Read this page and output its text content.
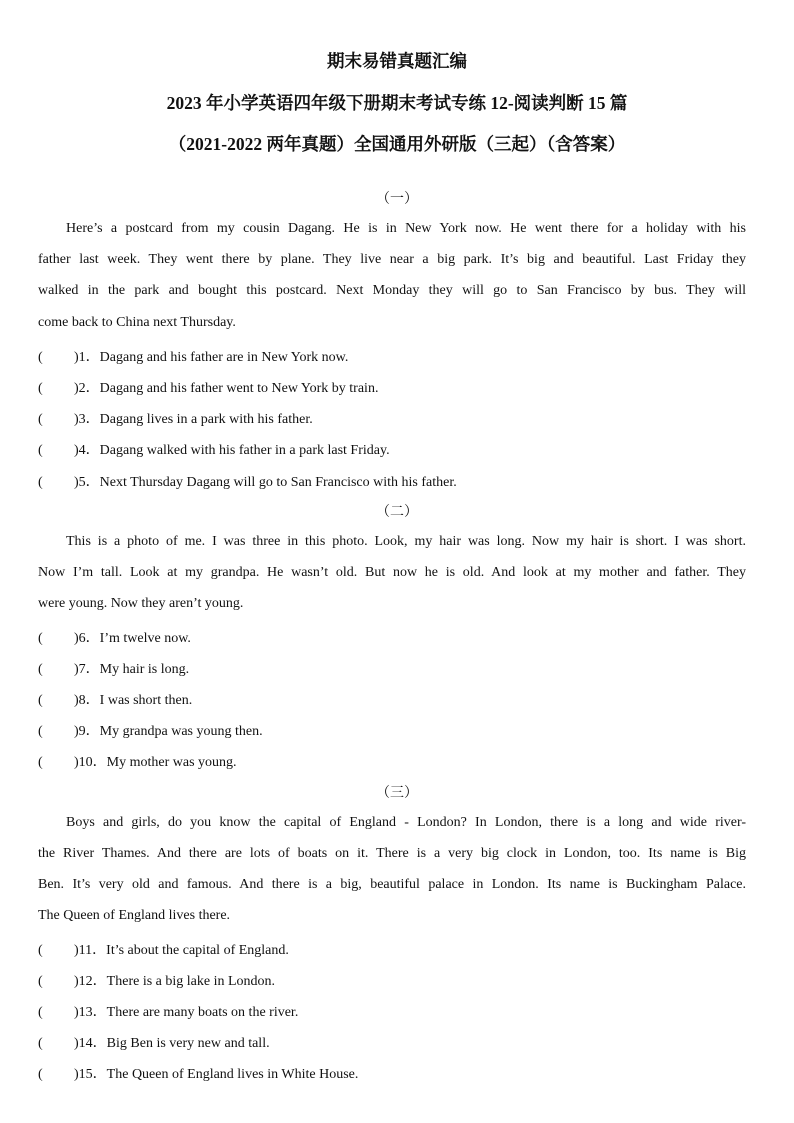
期末易错真题汇编
2023 年小学英语四年级下册期末考试专练 12-阅读判断 15 篇
（2021-2022 两年真题）全国通用外研版（三起）（含答案）
（一）
Here’s a postcard from my cousin Dagang. He is in New York now. He went there for a holiday with his
father last week. They went there by plane. They live near a big park. It’s big and beautiful. Last Friday they
walked in the park and bought this postcard. Next Monday they will go to San Francisco by bus. They will
come back to China next Thursday.
( )1．Dagang and his father are in New York now.
( )2．Dagang and his father went to New York by train.
( )3．Dagang lives in a park with his father.
( )4．Dagang walked with his father in a park last Friday.
( )5．Next Thursday Dagang will go to San Francisco with his father.
（二）
This is a photo of me. I was three in this photo. Look, my hair was long. Now my hair is short. I was short.
Now I’m tall. Look at my grandpa. He wasn’t old. But now he is old. And look at my mother and father. They
were young. Now they aren’t young.
( )6．I’m twelve now.
( )7．My hair is long.
( )8．I was short then.
( )9．My grandpa was young then.
( )10．My mother was young.
（三）
Boys and girls, do you know the capital of England - London? In London, there is a long and wide river-
the River Thames. And there are lots of boats on it. There is a very big clock in London, too. Its name is Big
Ben. It’s very old and famous. And there is a big, beautiful palace in London. Its name is Buckingham Palace.
The Queen of England lives there.
( )11．It’s about the capital of England.
( )12．There is a big lake in London.
( )13．There are many boats on the river.
( )14．Big Ben is very new and tall.
( )15．The Queen of England lives in White House.
